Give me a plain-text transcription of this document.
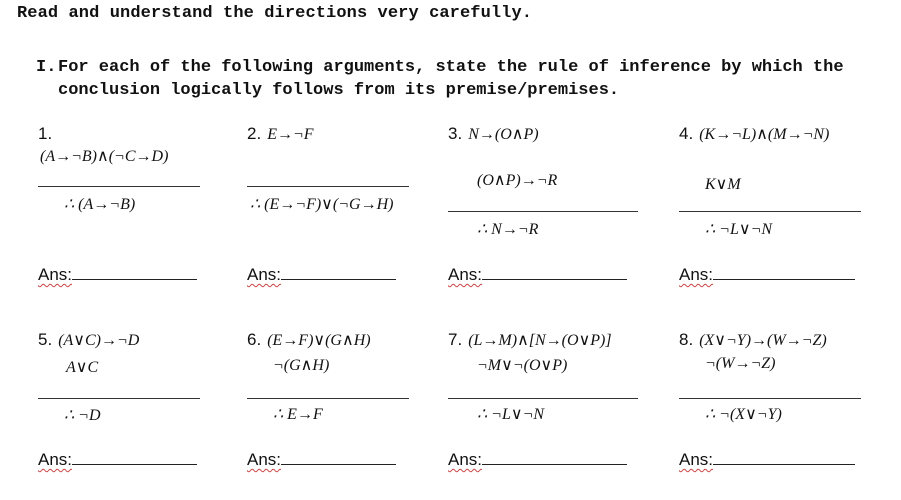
Read and understand the directions very carefully.
I.For each of the following arguments, state the rule of inference by which the
conclusion logically follows from its premise/premises.
1.
(A→¬B)∧(¬C→D)
∴ (A→¬B)
Ans:
2. E→¬F
∴ (E→¬F)∨(¬G→H)
Ans:
3. N→(O∧P)
(O∧P)→¬R
∴ N→¬R
Ans:
4. (K→¬L)∧(M→¬N)
K∨M
∴ ¬L∨¬N
Ans:
5. (A∨C)→¬D
A∨C
∴ ¬D
Ans:
6. (E→F)∨(G∧H)
¬(G∧H)
∴ E→F
Ans:
7. (L→M)∧[N→(O∨P)]
¬M∨¬(O∨P)
∴ ¬L∨¬N
Ans:
8. (X∨¬Y)→(W→¬Z)
¬(W→¬Z)
∴ ¬(X∨¬Y)
Ans:
